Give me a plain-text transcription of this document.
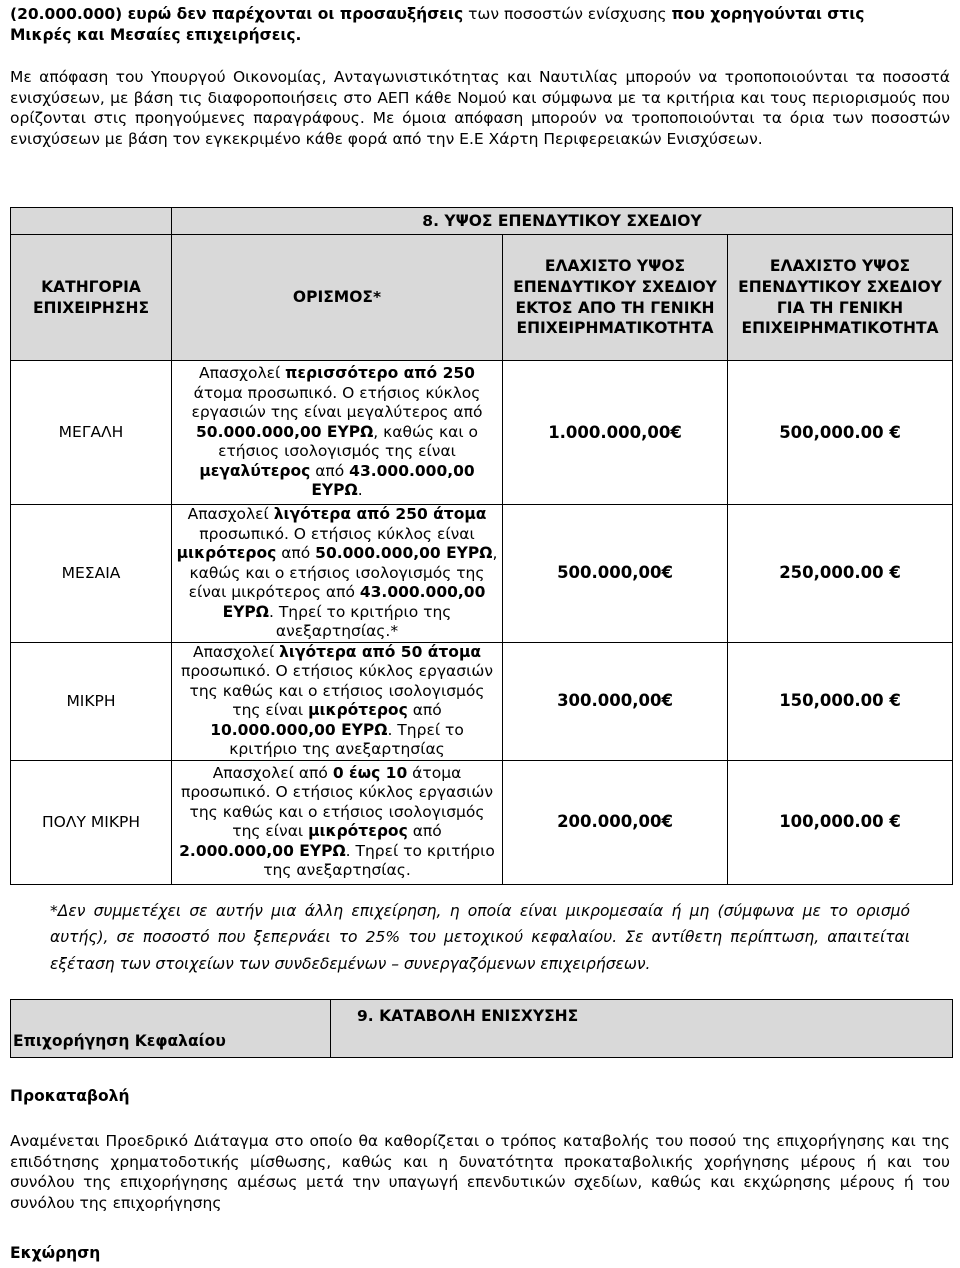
(20.000.000) ευρώ δεν παρέχονται οι προσαυξήσεις των ποσοστών ενίσχυσης που χορηγούνται στις

Μικρές και Μεσαίες επιχειρήσεις.

Με απόφαση του Υπουργού Οικονομίας, Ανταγωνιστικότητας και Ναυτιλίας μπορούν να τροποποιούνται τα ποσοστά ενισχύσεων, με βάση τις διαφοροποιήσεις στο ΑΕΠ κάθε Νομού και σύμφωνα με τα κριτήρια και τους περιορισμούς που ορίζονται στις προηγούμενες παραγράφους. Με όμοια απόφαση μπορούν να τροποποιούνται τα όρια των ποσοστών ενισχύσεων με βάση τον εγκεκριμένο κάθε φορά από την Ε.Ε Χάρτη Περιφερειακών Ενισχύσεων.
	8. ΥΨΟΣ ΕΠΕΝΔΥΤΙΚΟΥ ΣΧΕΔΙΟΥ		
ΚΑΤΗΓΟΡΙΑ ΕΠΙΧΕΙΡΗΣΗΣ	ΟΡΙΣΜΟΣ*	ΕΛΑΧΙΣΤΟ ΥΨΟΣ ΕΠΕΝΔΥΤΙΚΟΥ ΣΧΕΔΙΟΥ ΕΚΤΟΣ ΑΠΟ ΤΗ ΓΕΝΙΚΗ ΕΠΙΧΕΙΡΗΜΑΤΙΚΟΤΗΤΑ	ΕΛΑΧΙΣΤΟ ΥΨΟΣ ΕΠΕΝΔΥΤΙΚΟΥ ΣΧΕΔΙΟΥ ΓΙΑ ΤΗ ΓΕΝΙΚΗ ΕΠΙΧΕΙΡΗΜΑΤΙΚΟΤΗΤΑ
ΜΕΓΑΛΗ	Απασχολεί περισσότερο από 250 άτομα προσωπικό. Ο ετήσιος κύκλος εργασιών της είναι μεγαλύτερος από 50.000.000,00 ΕΥΡΩ, καθώς και ο ετήσιος ισολογισμός της είναι μεγαλύτερος από 43.000.000,00 ΕΥΡΩ.	1.000.000,00€	500,000.00 €
ΜΕΣΑΙΑ	Απασχολεί λιγότερα από 250 άτομα προσωπικό. Ο ετήσιος κύκλος είναι μικρότερος από 50.000.000,00 ΕΥΡΩ, καθώς και ο ετήσιος ισολογισμός της είναι μικρότερος από 43.000.000,00 ΕΥΡΩ. Τηρεί το κριτήριο της ανεξαρτησίας.*	500.000,00€	250,000.00 €
ΜΙΚΡΗ	Απασχολεί λιγότερα από 50 άτομα προσωπικό. Ο ετήσιος κύκλος εργασιών της καθώς και ο ετήσιος ισολογισμός της είναι μικρότερος από 10.000.000,00 ΕΥΡΩ. Τηρεί το κριτήριο της ανεξαρτησίας	300.000,00€	150,000.00 €
ΠΟΛΥ ΜΙΚΡΗ	Απασχολεί από 0 έως 10 άτομα προσωπικό. Ο ετήσιος κύκλος εργασιών της καθώς και ο ετήσιος ισολογισμός της είναι μικρότερος από 2.000.000,00 ΕΥΡΩ. Τηρεί το κριτήριο της ανεξαρτησίας.	200.000,00€	100,000.00 €
*Δεν συμμετέχει σε αυτήν μια άλλη επιχείρηση, η οποία είναι μικρομεσαία ή μη (σύμφωνα με το ορισμό αυτής), σε ποσοστό που ξεπερνάει το 25% του μετοχικού κεφαλαίου. Σε αντίθετη περίπτωση, απαιτείται εξέταση των στοιχείων των συνδεδεμένων – συνεργαζόμενων επιχειρήσεων.
Επιχορήγηση Κεφαλαίου	9. ΚΑΤΑΒΟΛΗ ΕΝΙΣΧΥΣΗΣ
Προκαταβολή
Αναμένεται Προεδρικό Διάταγμα στο οποίο θα καθορίζεται ο τρόπος καταβολής του ποσού της επιχορήγησης και της επιδότησης χρηματοδοτικής μίσθωσης, καθώς και η δυνατότητα προκαταβολικής χορήγησης μέρους ή και του συνόλου της επιχορήγησης αμέσως μετά την υπαγωγή επενδυτικών σχεδίων, καθώς και εκχώρησης μέρους ή του συνόλου της επιχορήγησης
Εκχώρηση
